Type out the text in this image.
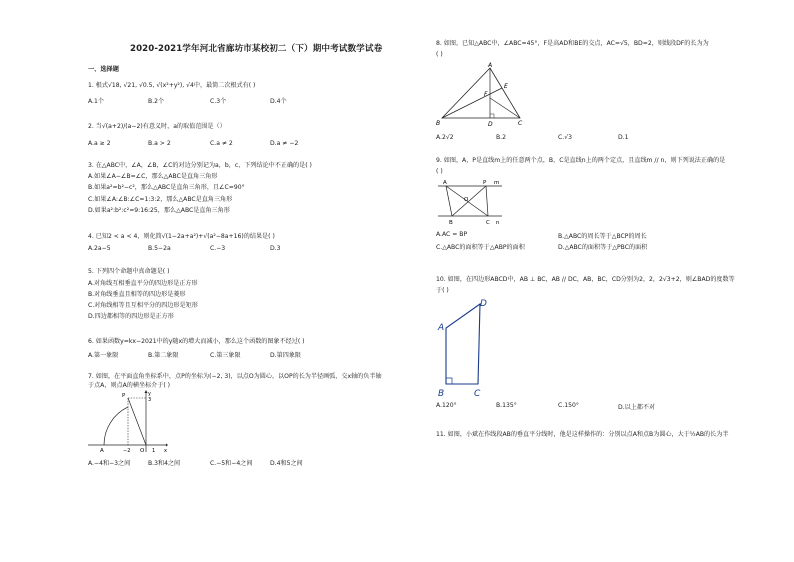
2020-2021学年河北省廊坊市某校初二（下）期中考试数学试卷
一、选择题
1. 根式√18, √21, √0.5, √(x²+y²), √4中，最简二次根式有( )
A.1个	B.2个	C.3个	D.4个
2. 当√(a+2)/(a−2)有意义时，a的取值范围是（）
A.a ≥ 2	B.a > 2	C.a ≠ 2	D.a ≠ −2
3. 在△ABC中，∠A，∠B，∠C的对边分别记为a，b，c，下列结论中不正确的是( )
A.如果∠A−∠B=∠C，那么△ABC是直角三角形
B.如果a²=b²−c²，那么△ABC是直角三角形，且∠C=90°
C.如果∠A:∠B:∠C=1:3:2，那么△ABC是直角三角形
D.如果a²:b²:c²=9:16:25，那么△ABC是直角三角形
4. 已知2 < a < 4，则化简√(1−2a+a²)+√(a²−8a+16)的结果是( )
A.2a−5	B.5−2a	C.−3	D.3
5. 下列四个命题中真命题是( )
A.对角线互相垂直平分的四边形是正方形
B.对角线垂直且相等的四边形是菱形
C.对角线相等且互相平分的四边形是矩形
D.四边都相等的四边形是正方形
6. 如果函数y=kx−2021中的y随x的增大而减小，那么这个函数的图象不经过( )
A.第一象限	B.第二象限	C.第三象限	D.第四象限
7. 如图，在平面直角坐标系中，点P的坐标为(−2, 3)，以点O为圆心，以OP的长为半径画弧，交x轴的负半轴
于点A，则点A的横坐标介于( )
P
3
y
A	−2 O 1 x
A.−4和−3之间	B.3和4之间	C.−5和−4之间	D.4和5之间
8. 如图，已知△ABC中，∠ABC=45°，F是高AD和BE的交点，AC=√5，BD=2，则线段DF的长为为
( )
A
B	C
D
E
F
A.2√2	B.2	C.√3	D.1
9. 如图，A，P是直线m上的任意两个点，B，C是直线n上的两个定点，且直线m // n，则下列说法正确的是
( )
A	P m
O
B	C n
A.AC = BP	B.△ABC的周长等于△BCP的周长
C.△ABC的面积等于△ABP的面积	D.△ABC的面积等于△PBC的面积
10. 如图，在四边形ABCD中，AB ⊥ BC，AB // DC，AB，BC，CD分别为2，2，2√3+2，则∠BAD的度数等
于( )
A
B	C
D
A.120°	B.135°	C.150°	D.以上都不对
11. 如图，小斌在作线段AB的垂直平分线时，他是这样操作的：分别以点A和点B为圆心，大于½AB的长为半
